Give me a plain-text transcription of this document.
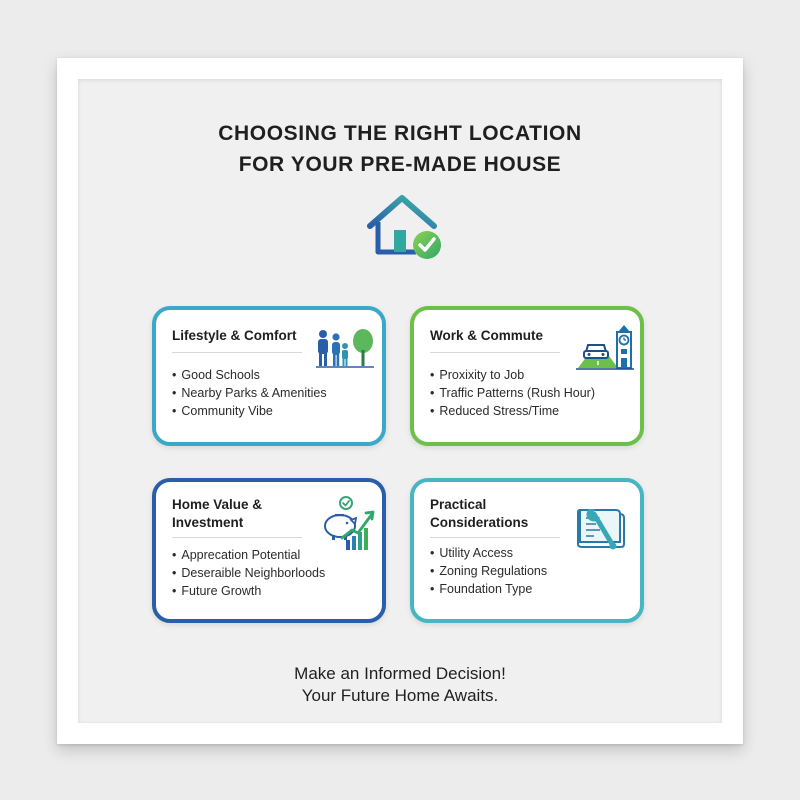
CHOOSING THE RIGHT LOCATION
FOR YOUR PRE-MADE HOUSE
Lifestyle & Comfort
• Good Schools
• Nearby Parks & Amenities
• Community Vibe
Work & Commute
• Proxixity to Job
• Traffic Patterns (Rush Hour)
• Reduced Stress/Time
Home Value &
Investment
• Apprecation Potential
• Deseraible Neighborloods
• Future Growth
Practical
Considerations
• Utility Access
• Zoning Regulations
• Foundation Type
Make an Informed Decision!
Your Future Home Awaits.
